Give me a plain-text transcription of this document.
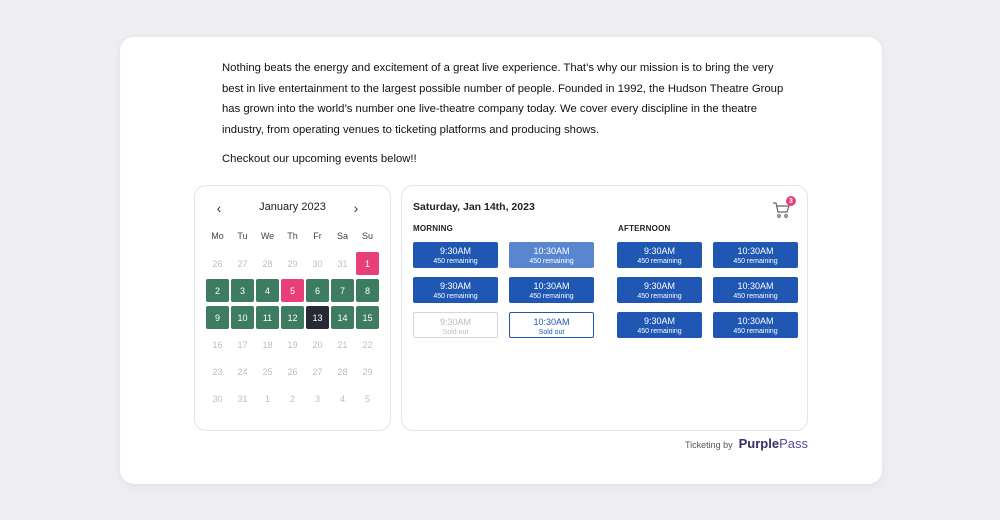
Nothing beats the energy and excitement of a great live experience. That’s why our mission is to bring the very best in live entertainment to the largest possible number of people. Founded in 1992, the Hudson Theatre Group has grown into the world’s number one live-theatre company today. We cover every discipline in the theatre industry, from operating venues to ticketing platforms and producing shows.

Checkout our upcoming events below!!

‹	January 2023	›
Mo	Tu	We	Th	Fr	Sa	Su
26	27	28	29	30	31	1
2	3	4	5	6	7	8
9	10	11	12	13	14	15
16	17	18	19	20	21	22
23	24	25	26	27	28	29
30	31	1	2	3	4	5
Saturday, Jan 14th, 2023	3
MORNING	AFTERNOON
9:30AM
450 remaining
10:30AM
450 remaining
9:30AM
450 remaining
10:30AM
450 remaining
9:30AM
Sold out
10:30AM
Sold out
9:30AM
450 remaining
10:30AM
450 remaining
9:30AM
450 remaining
10:30AM
450 remaining
9:30AM
450 remaining
10:30AM
450 remaining
Ticketing by PurplePass
